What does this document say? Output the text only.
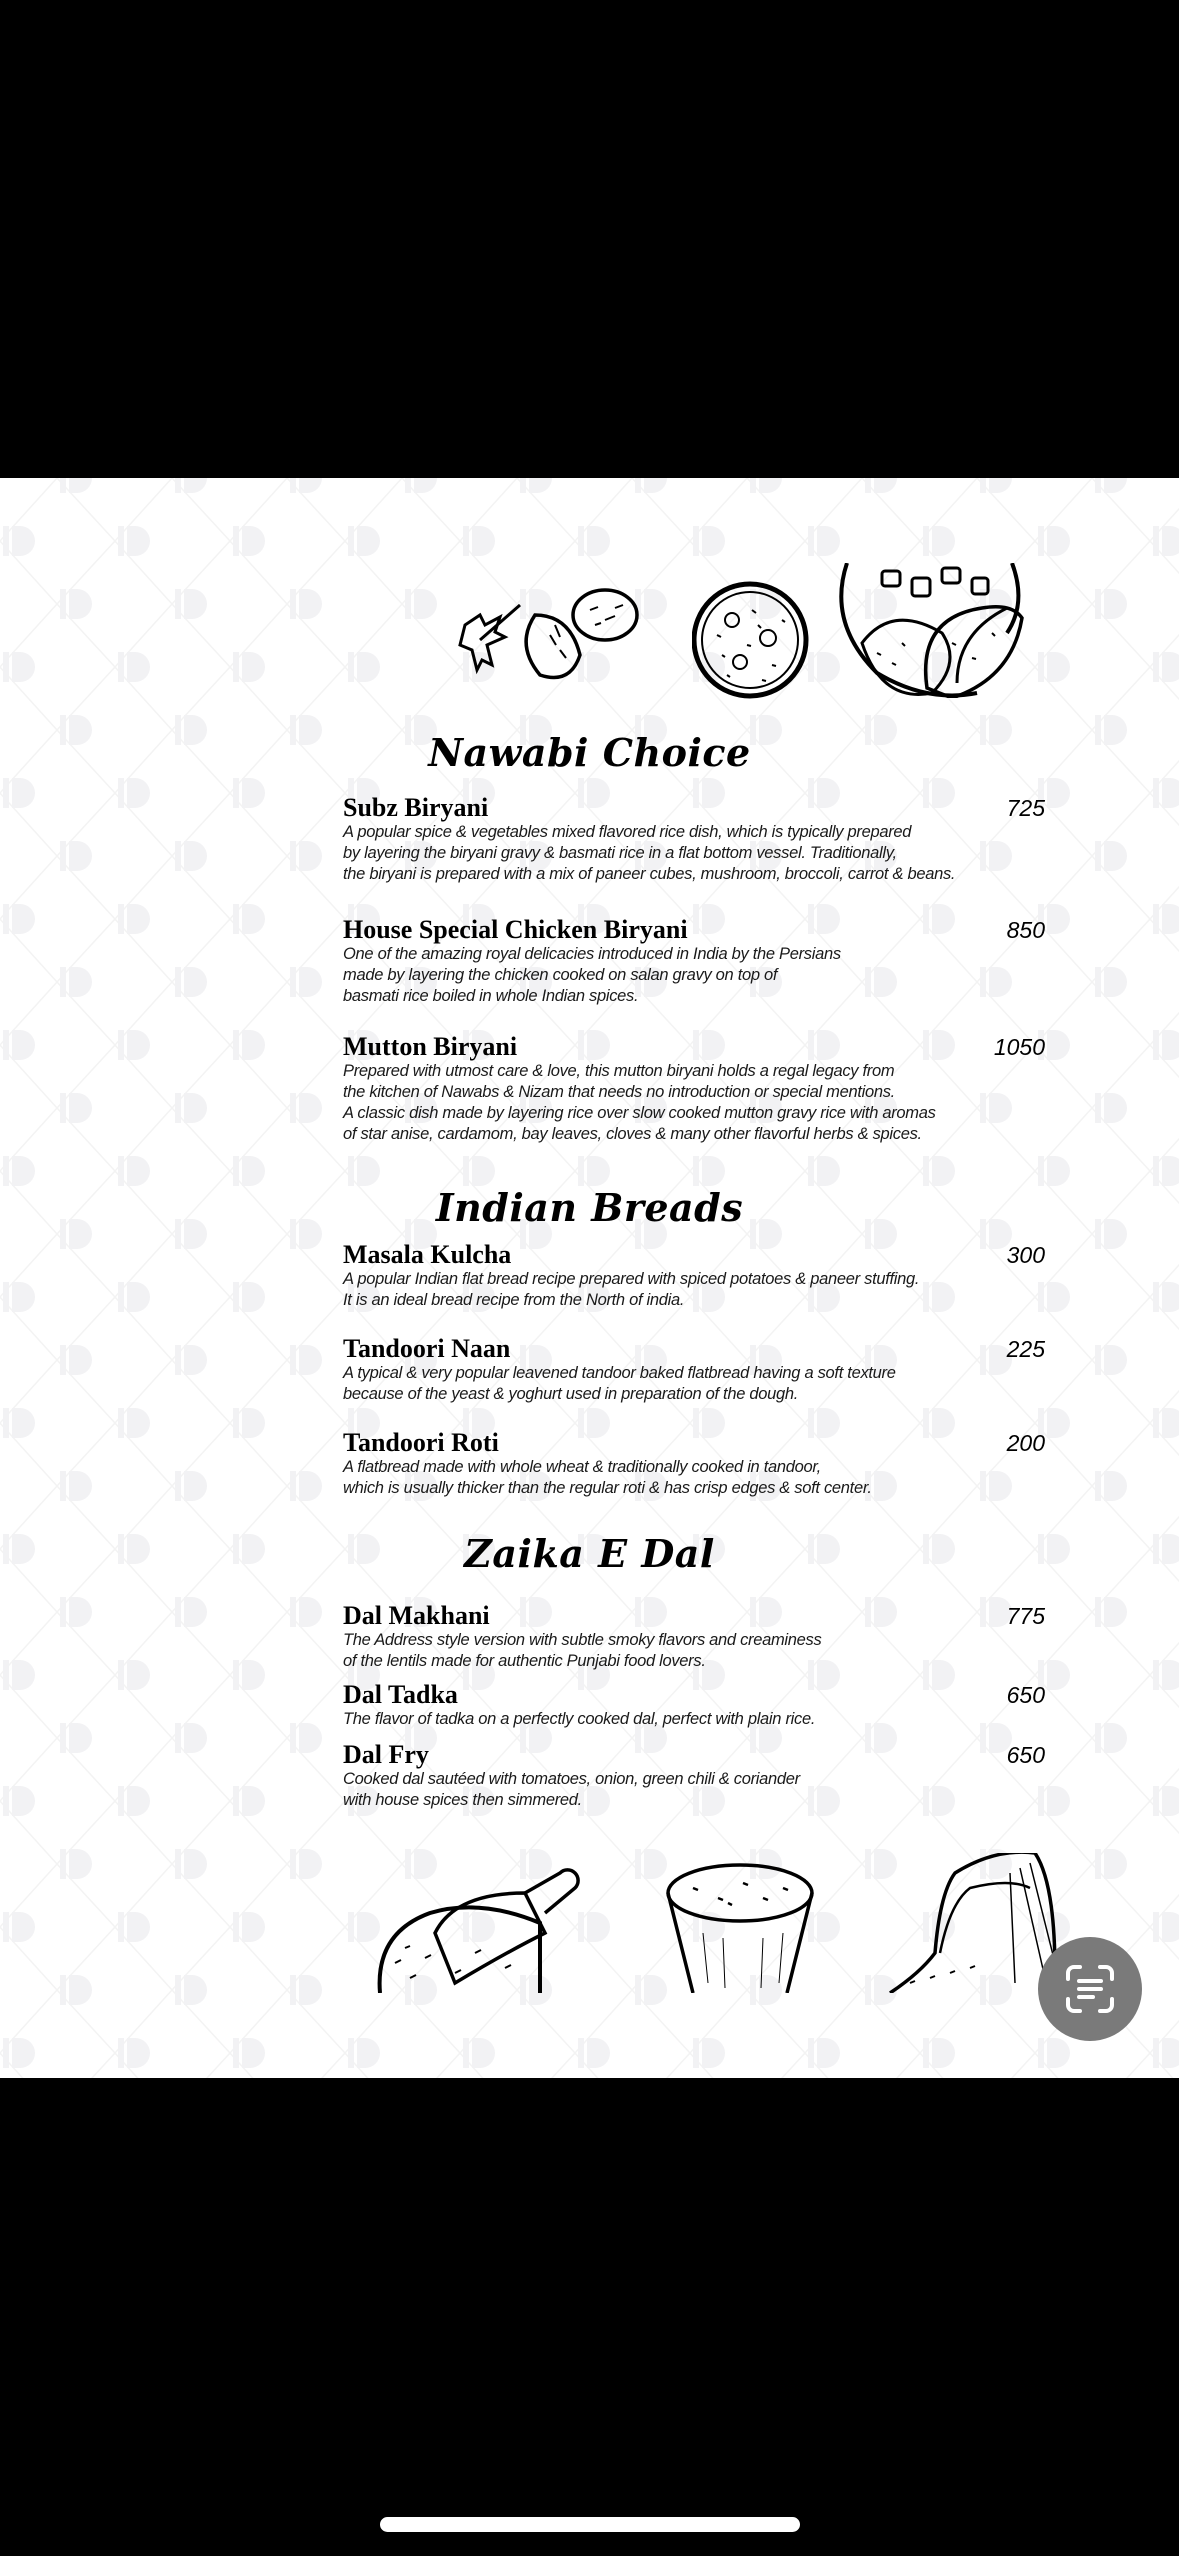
Nawabi Choice
Subz Biryani	725
A popular spice & vegetables mixed flavored rice dish, which is typically prepared
by layering the biryani gravy & basmati rice in a flat bottom vessel. Traditionally,
the biryani is prepared with a mix of paneer cubes, mushroom, broccoli, carrot & beans.
House Special Chicken Biryani	850
One of the amazing royal delicacies introduced in India by the Persians
made by layering the chicken cooked on salan gravy on top of
basmati rice boiled in whole Indian spices.
Mutton Biryani	1050
Prepared with utmost care & love, this mutton biryani holds a regal legacy from
the kitchen of Nawabs & Nizam that needs no introduction or special mentions.
A classic dish made by layering rice over slow cooked mutton gravy rice with aromas
of star anise, cardamom, bay leaves, cloves & many other flavorful herbs & spices.
Indian Breads
Masala Kulcha	300
A popular Indian flat bread recipe prepared with spiced potatoes & paneer stuffing.
It is an ideal bread recipe from the North of india.
Tandoori Naan	225
A typical & very popular leavened tandoor baked flatbread having a soft texture
because of the yeast & yoghurt used in preparation of the dough.
Tandoori Roti	200
A flatbread made with whole wheat & traditionally cooked in tandoor,
which is usually thicker than the regular roti & has crisp edges & soft center.
Zaika E Dal
Dal Makhani	775
The Address style version with subtle smoky flavors and creaminess
of the lentils made for authentic Punjabi food lovers.
Dal Tadka	650
The flavor of tadka on a perfectly cooked dal, perfect with plain rice.
Dal Fry	650
Cooked dal sautéed with tomatoes, onion, green chili & coriander
with house spices then simmered.
